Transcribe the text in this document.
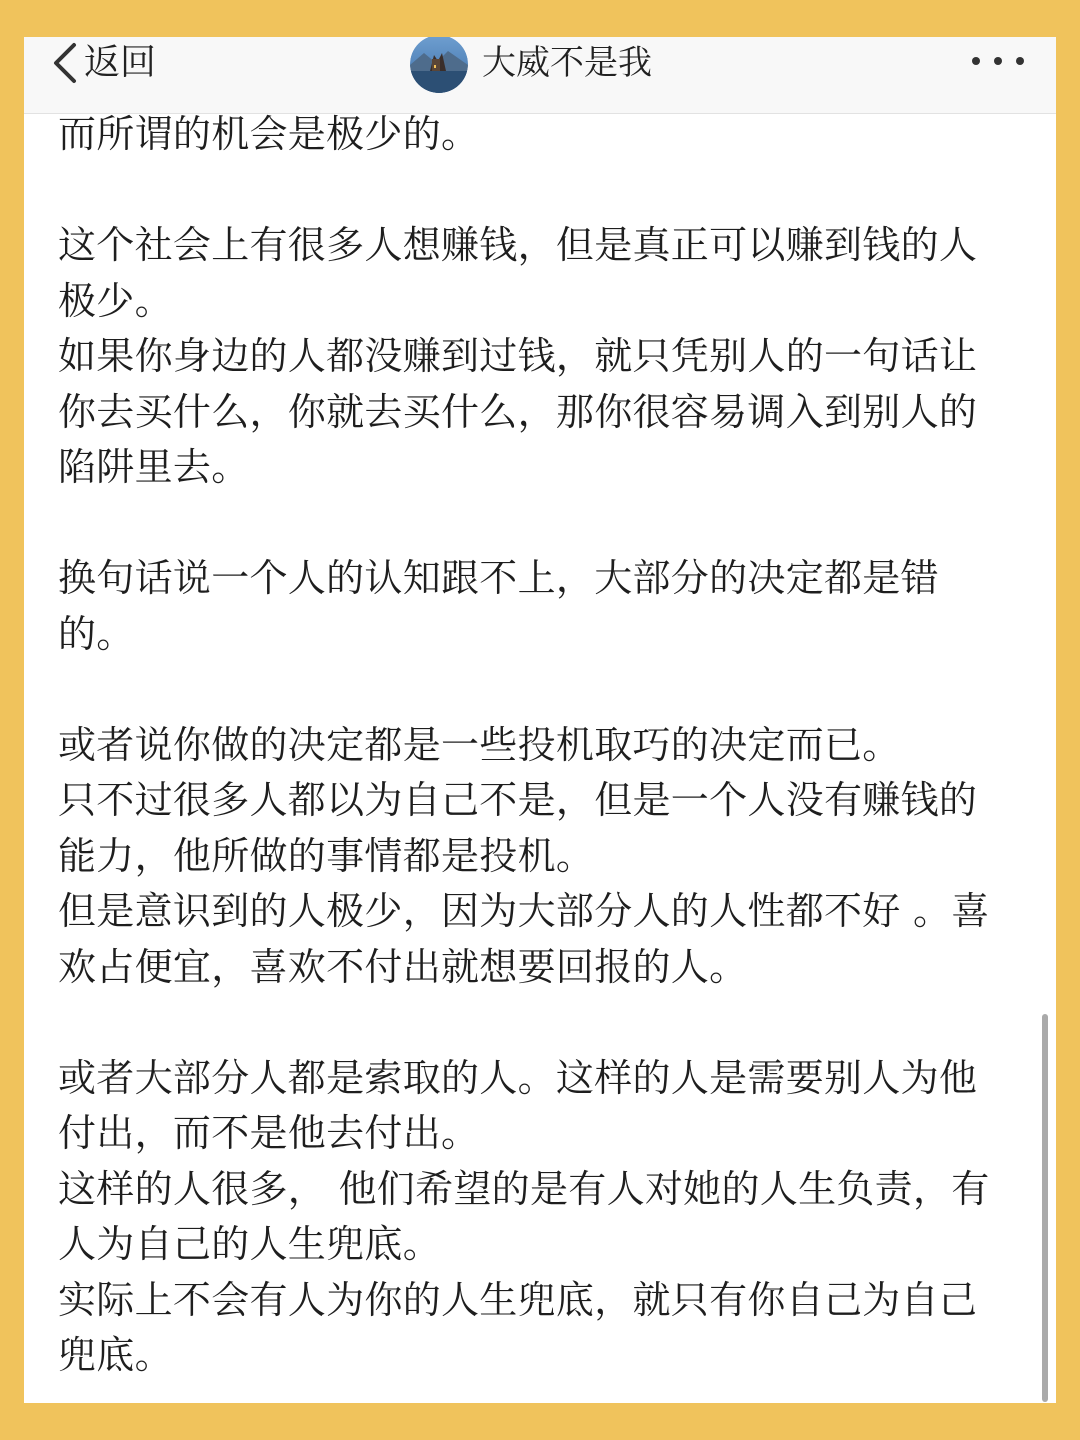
返回	大威不是我
而所谓的机会是极少的。
这个社会上有很多人想赚钱，但是真正可以赚到钱的人
极少。
如果你身边的人都没赚到过钱，就只凭别人的一句话让
你去买什么，你就去买什么，那你很容易调入到别人的
陷阱里去。
换句话说一个人的认知跟不上，大部分的决定都是错
的。
或者说你做的决定都是一些投机取巧的决定而已。
只不过很多人都以为自己不是，但是一个人没有赚钱的
能力，他所做的事情都是投机。
但是意识到的人极少，因为大部分人的人性都不好 。喜
欢占便宜，喜欢不付出就想要回报的人。
或者大部分人都是索取的人。这样的人是需要别人为他
付出，而不是他去付出。
这样的人很多， 他们希望的是有人对她的人生负责，有
人为自己的人生兜底。
实际上不会有人为你的人生兜底，就只有你自己为自己
兜底。
